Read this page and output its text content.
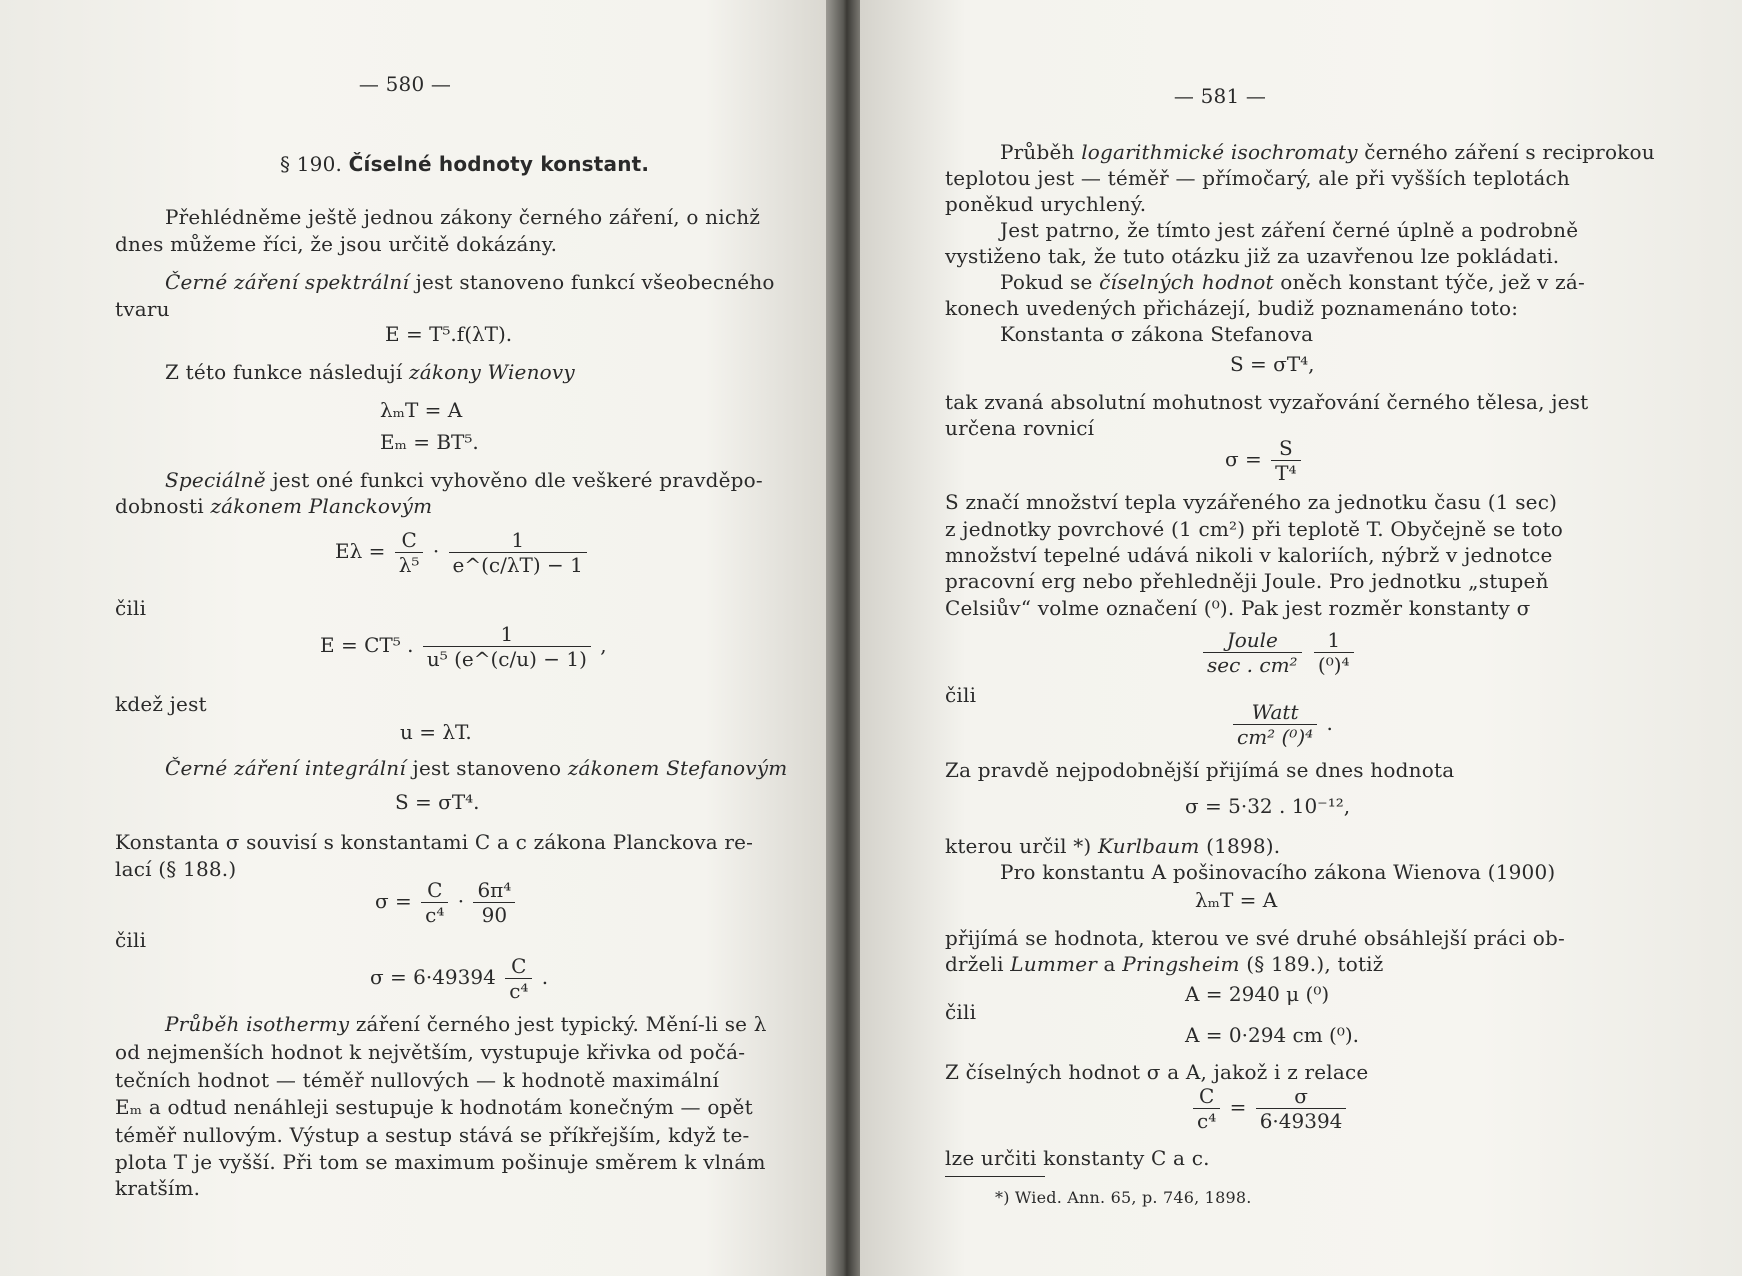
— 580 —
§ 190. Číselné hodnoty konstant.
Přehlédněme ještě jednou zákony černého záření, o nichž
dnes můžeme říci, že jsou určitě dokázány.
Černé záření spektrální jest stanoveno funkcí všeobecného
tvaru
E = T⁵.f(λT).
Z této funkce následují zákony Wienovy
λₘT = A
Eₘ = BT⁵.
Speciálně jest oné funkci vyhověno dle veškeré pravděpo-
dobnosti zákonem Planckovým
$E\lambda = \frac{C}{\text{λ⁵}} \cdot \frac{1}{e\^{}(c/\lambda T) - 1}$
čili
E = CT⁵ . $\frac{1}{\text{u⁵ (e\textasciicircum{}(c/u) − 1)}}$ ,
kdež jest
u = λT.
Černé záření integrální jest stanoveno zákonem Stefanovým
S = σT⁴.
Konstanta σ souvisí s konstantami C a c zákona Planckova re-
lací (§ 188.)
$\sigma = \frac{C}{\text{c⁴}} \cdot \frac{\text{6π⁴}}{90}$
čili
$\sigma = 6\cdot 49394 \frac{C}{\text{c⁴}}$ .
Průběh isothermy záření černého jest typický. Mění-li se λ
od nejmenších hodnot k největším, vystupuje křivka od počá-
tečních hodnot — téměř nullových — k hodnotě maximální
Eₘ a odtud nenáhleji sestupuje k hodnotám konečným — opět
téměř nullovým. Výstup a sestup stává se příkřejším, když te-
plota T je vyšší. Při tom se maximum pošinuje směrem k vlnám
kratším.
— 581 —
Průběh logarithmické isochromaty černého záření s reciprokou
teplotou jest — téměř — přímočarý, ale při vyšších teplotách
poněkud urychlený.
Jest patrno, že tímto jest záření černé úplně a podrobně
vystiženo tak, že tuto otázku již za uzavřenou lze pokládati.
Pokud se číselných hodnot oněch konstant týče, jež v zá-
konech uvedených přicházejí, budiž poznamenáno toto:
Konstanta σ zákona Stefanova
S = σT⁴,
tak zvaná absolutní mohutnost vyzařování černého tělesa, jest
určena rovnicí
$\sigma = \frac{S}{\text{T⁴}}$
S značí množství tepla vyzářeného za jednotku času (1 sec)
z jednotky povrchové (1 cm²) při teplotě T. Obyčejně se toto
množství tepelné udává nikoli v kaloriích, nýbrž v jednotce
pracovní erg nebo přehledněji Joule. Pro jednotku „stupeň
Celsiův“ volme označení (⁰). Pak jest rozměr konstanty σ
$\frac{\text{Joule}}{\text{sec . cm²}}$
$\frac{1}{\text{(⁰)⁴}}$
čili
$\frac{\text{Watt}}{\text{cm² (⁰)⁴}}$ .
Za pravdě nejpodobnější přijímá se dnes hodnota
σ = 5·32 . 10⁻¹²,
kterou určil *) Kurlbaum (1898).
Pro konstantu A pošinovacího zákona Wienova (1900)
λₘT = A
přijímá se hodnota, kterou ve své druhé obsáhlejší práci ob-
drželi Lummer a Pringsheim (§ 189.), totiž
A = 2940 μ (⁰)
čili
A = 0·294 cm (⁰).
Z číselných hodnot σ a A, jakož i z relace
$\frac{C}{\text{c⁴}} = \frac{\sigma}{6\cdot 49394}$
lze určiti konstanty C a c.
*) Wied. Ann. 65, p. 746, 1898.
